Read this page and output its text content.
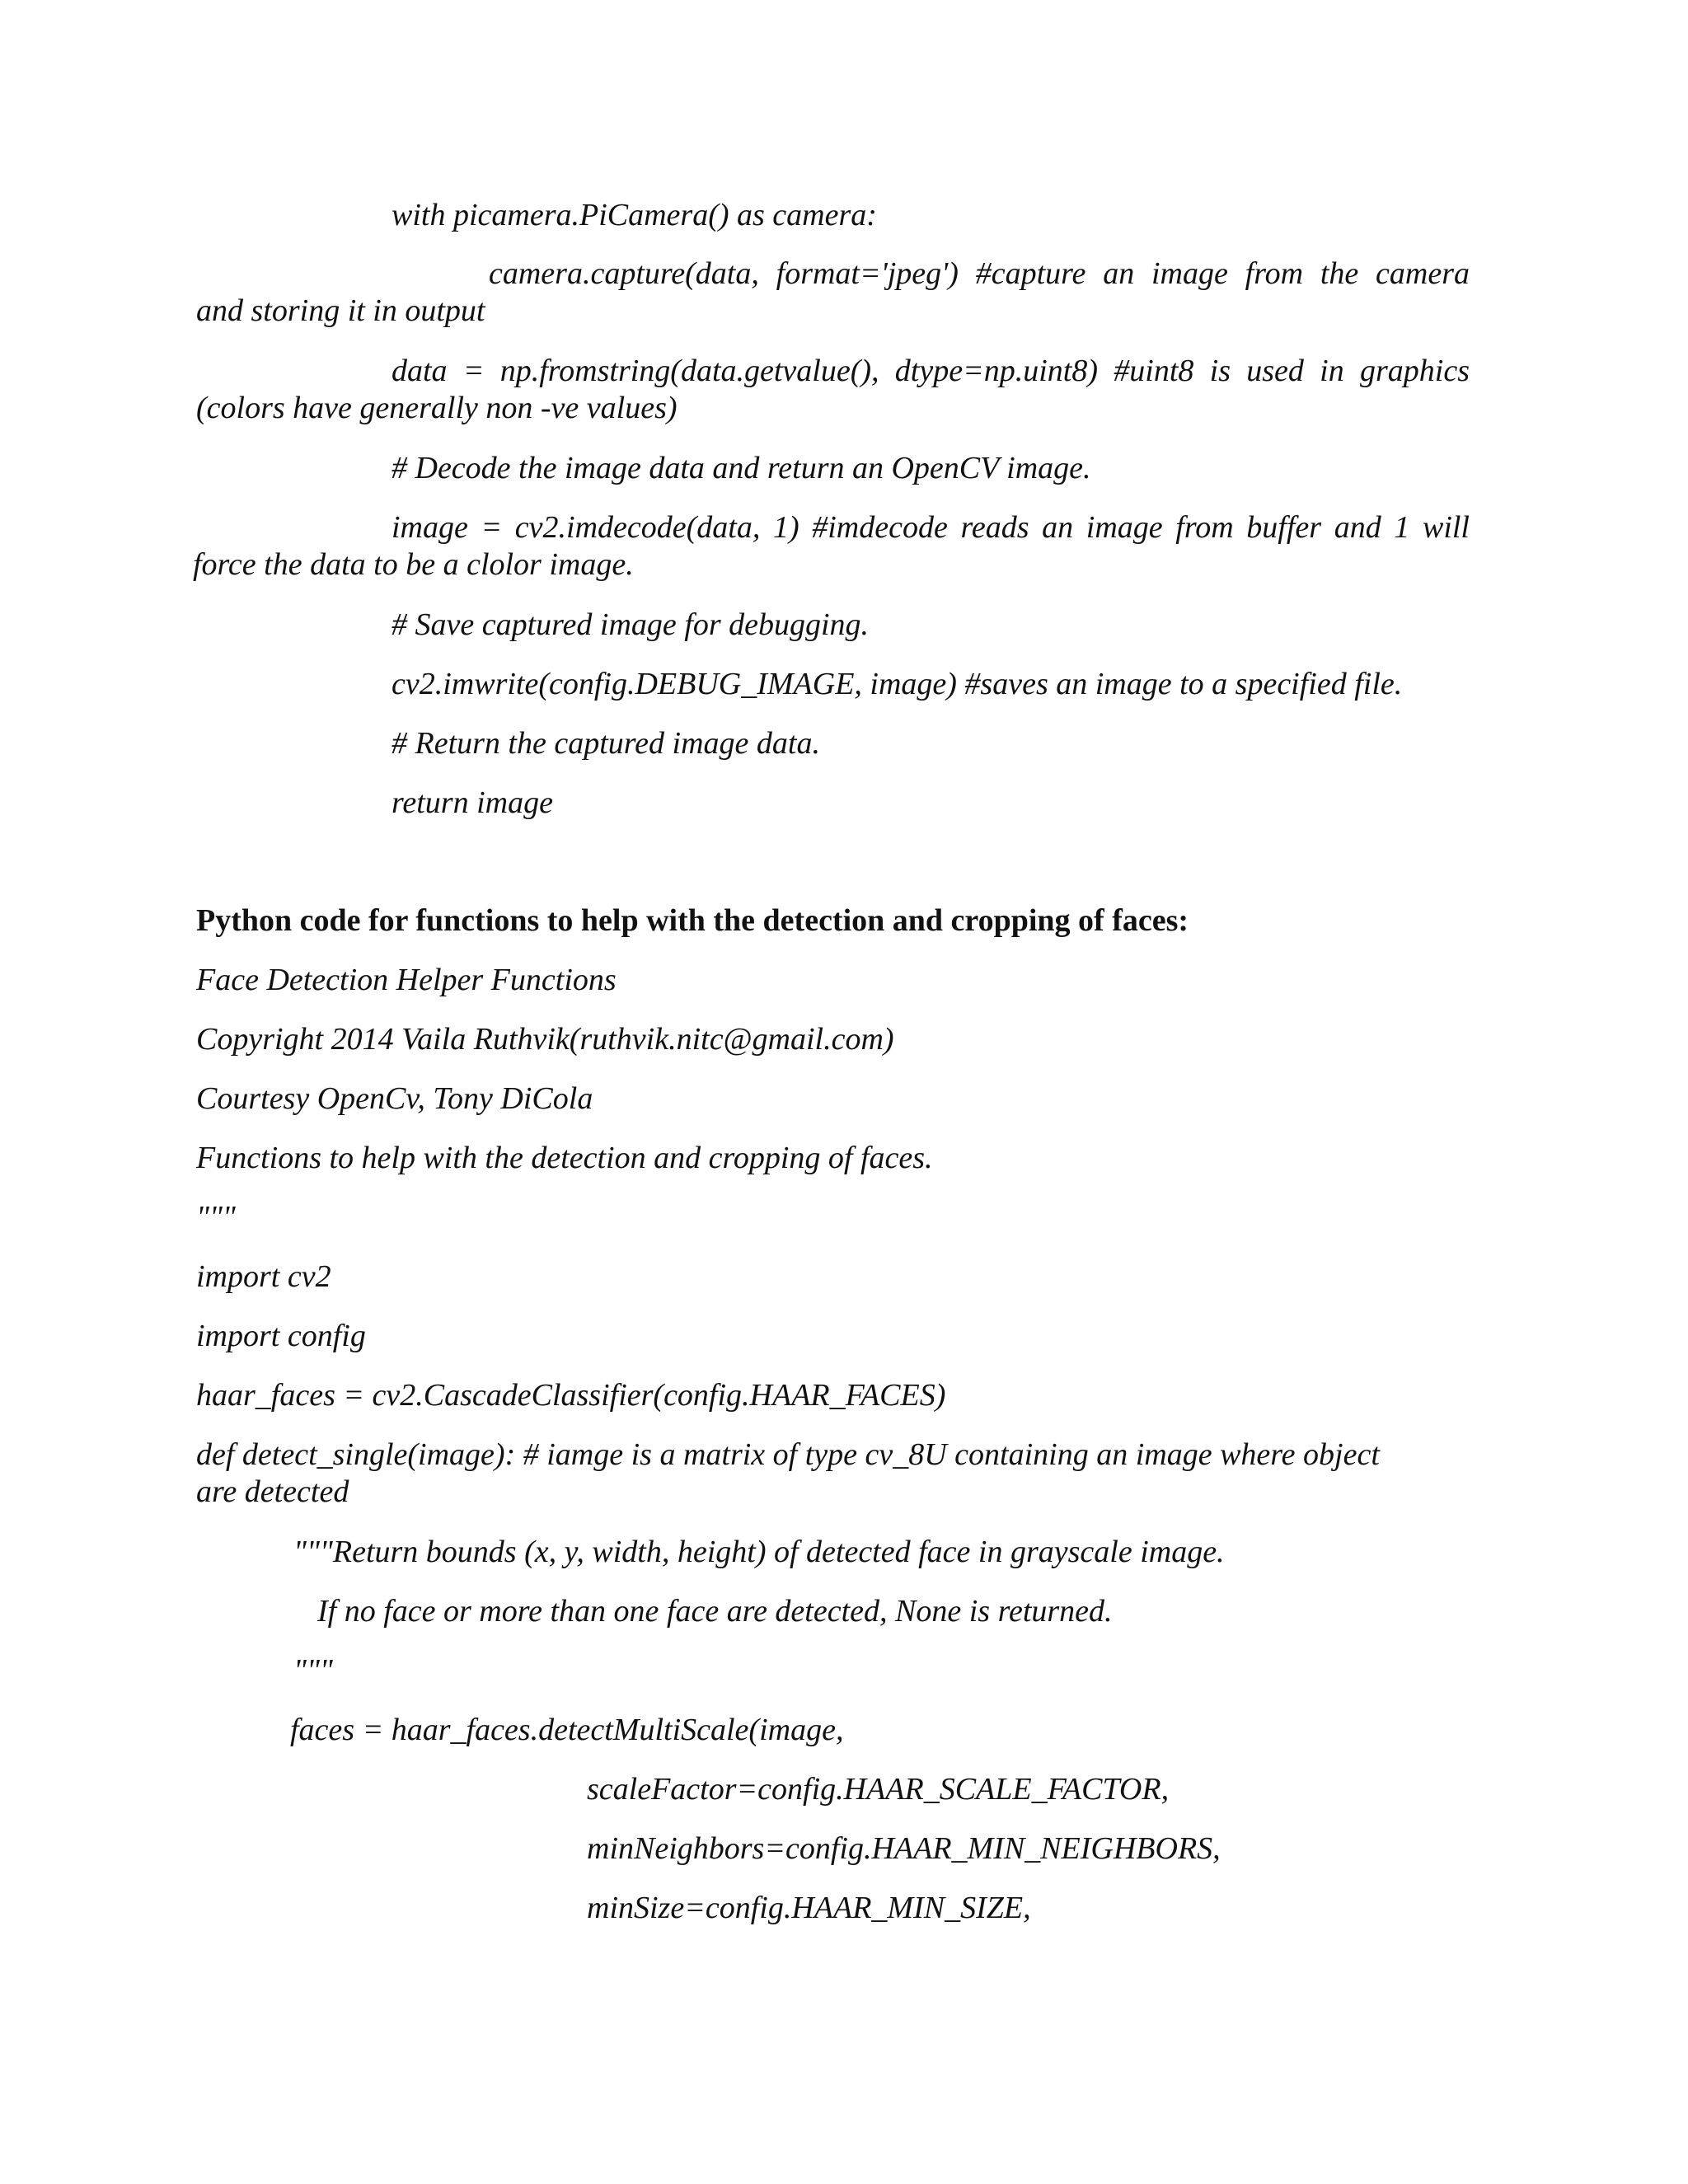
with picamera.PiCamera() as camera:
camera.capture(data, format='jpeg') #capture an image from the camera
and storing it in output
data = np.fromstring(data.getvalue(), dtype=np.uint8) #uint8 is used in graphics
(colors have generally non -ve values)
# Decode the image data and return an OpenCV image.
image = cv2.imdecode(data, 1) #imdecode reads an image from buffer and 1 will
force the data to be a clolor image.
# Save captured image for debugging.
cv2.imwrite(config.DEBUG_IMAGE, image) #saves an image to a specified file.
# Return the captured image data.
return image
Python code for functions to help with the detection and cropping of faces:
Face Detection Helper Functions
Copyright 2014 Vaila Ruthvik(ruthvik.nitc@gmail.com)
Courtesy OpenCv, Tony DiCola
Functions to help with the detection and cropping of faces.
"""
import cv2
import config
haar_faces = cv2.CascadeClassifier(config.HAAR_FACES)
def detect_single(image): # iamge is a matrix of type cv_8U containing an image where object
are detected
"""Return bounds (x, y, width, height) of detected face in grayscale image.
If no face or more than one face are detected, None is returned.
"""
faces = haar_faces.detectMultiScale(image,
scaleFactor=config.HAAR_SCALE_FACTOR,
minNeighbors=config.HAAR_MIN_NEIGHBORS,
minSize=config.HAAR_MIN_SIZE,
